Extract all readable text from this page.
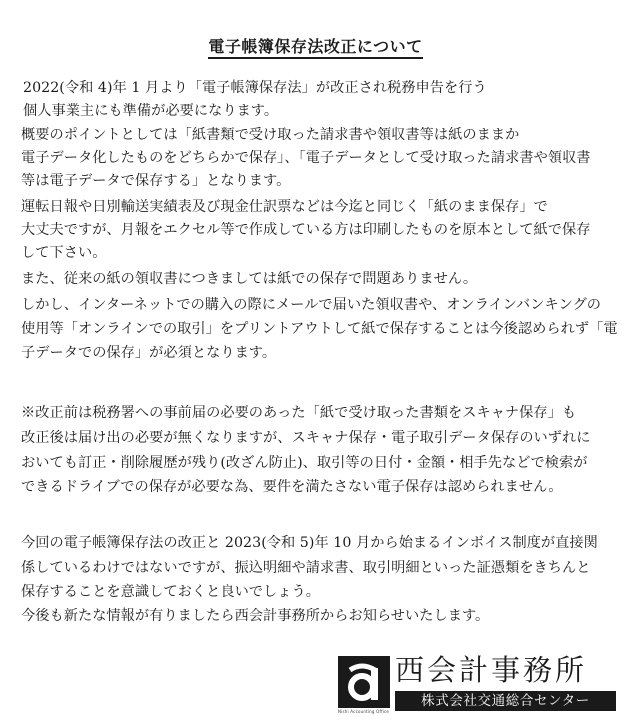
電子帳簿保存法改正について
2022(令和 4)年 1 月より「電子帳簿保存法」が改正され税務申告を行う
個人事業主にも準備が必要になります。
概要のポイントとしては「紙書類で受け取った請求書や領収書等は紙のままか
電子データ化したものをどちらかで保存」、「電子データとして受け取った請求書や領収書
等は電子データで保存する」となります。
運転日報や日別輸送実績表及び現金仕訳票などは今迄と同じく「紙のまま保存」で
大丈夫ですが、月報をエクセル等で作成している方は印刷したものを原本として紙で保存
して下さい。
また、従来の紙の領収書につきましては紙での保存で問題ありません。
しかし、インターネットでの購入の際にメールで届いた領収書や、オンラインバンキングの
使用等「オンラインでの取引」をプリントアウトして紙で保存することは今後認められず「電
子データでの保存」が必須となります。
※改正前は税務署への事前届の必要のあった「紙で受け取った書類をスキャナ保存」も
改正後は届け出の必要が無くなりますが、スキャナ保存・電子取引データ保存のいずれに
おいても訂正・削除履歴が残り(改ざん防止)、取引等の日付・金額・相手先などで検索が
できるドライブでの保存が必要な為、要件を満たさない電子保存は認められません。
今回の電子帳簿保存法の改正と 2023(令和 5)年 10 月から始まるインボイス制度が直接関
係しているわけではないですが、振込明細や請求書、取引明細といった証憑類をきちんと
保存することを意識しておくと良いでしょう。
今後も新たな情報が有りましたら西会計事務所からお知らせいたします。
Nishi Accounting Office
西会計事務所
株式会社交通総合センター
